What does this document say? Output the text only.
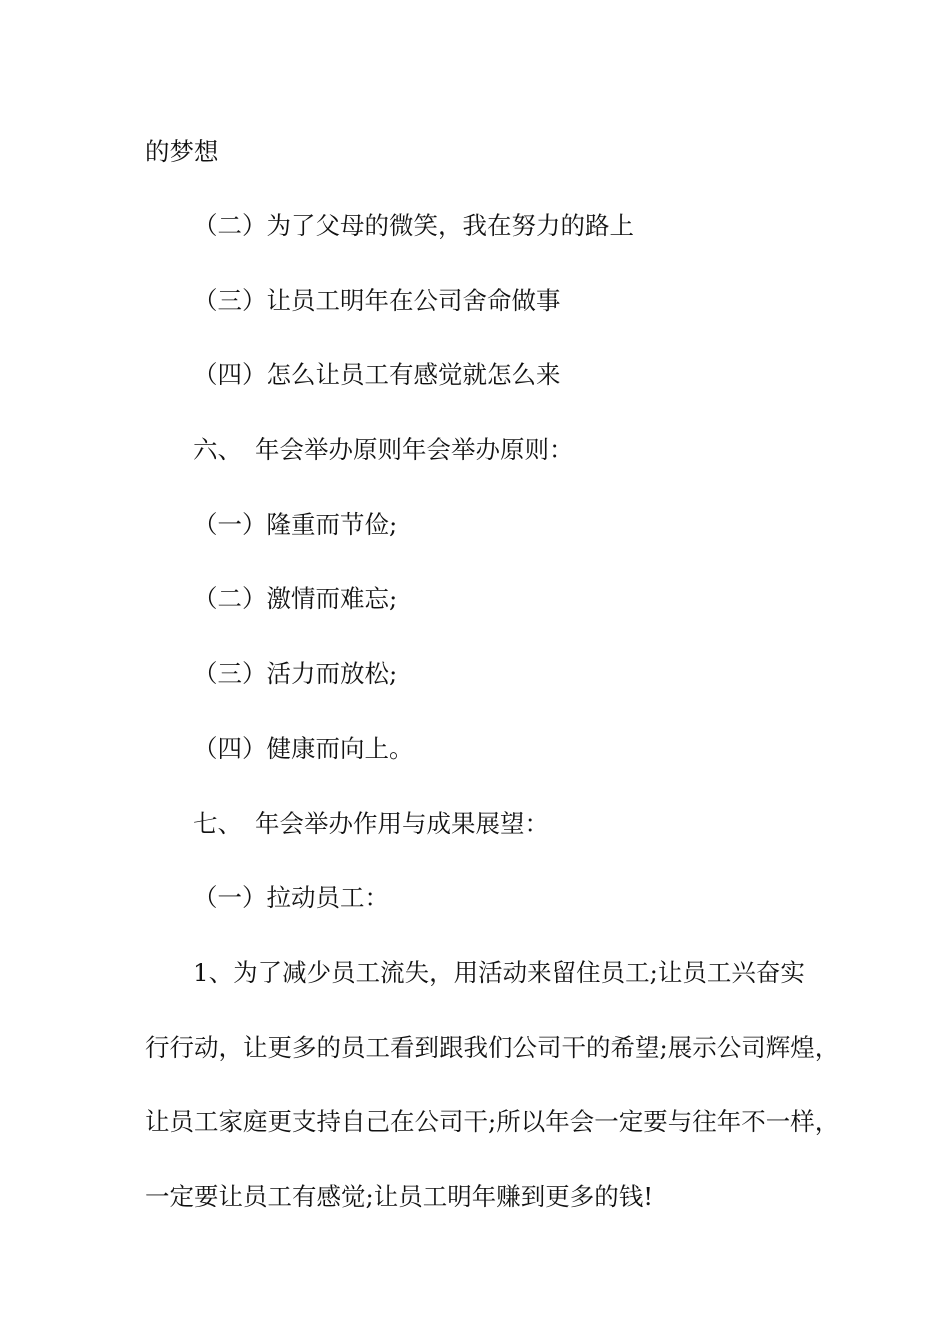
的梦想
（二）为了父母的微笑，我在努力的路上
（三）让员工明年在公司舍命做事
（四）怎么让员工有感觉就怎么来
六、 年会举办原则年会举办原则：
（一）隆重而节俭;
（二）激情而难忘;
（三）活力而放松;
（四）健康而向上。
七、 年会举办作用与成果展望：
（一）拉动员工：
1、为了减少员工流失，用活动来留住员工;让员工兴奋实
行行动，让更多的员工看到跟我们公司干的希望;展示公司辉煌，
让员工家庭更支持自己在公司干;所以年会一定要与往年不一样，
一定要让员工有感觉;让员工明年赚到更多的钱!
